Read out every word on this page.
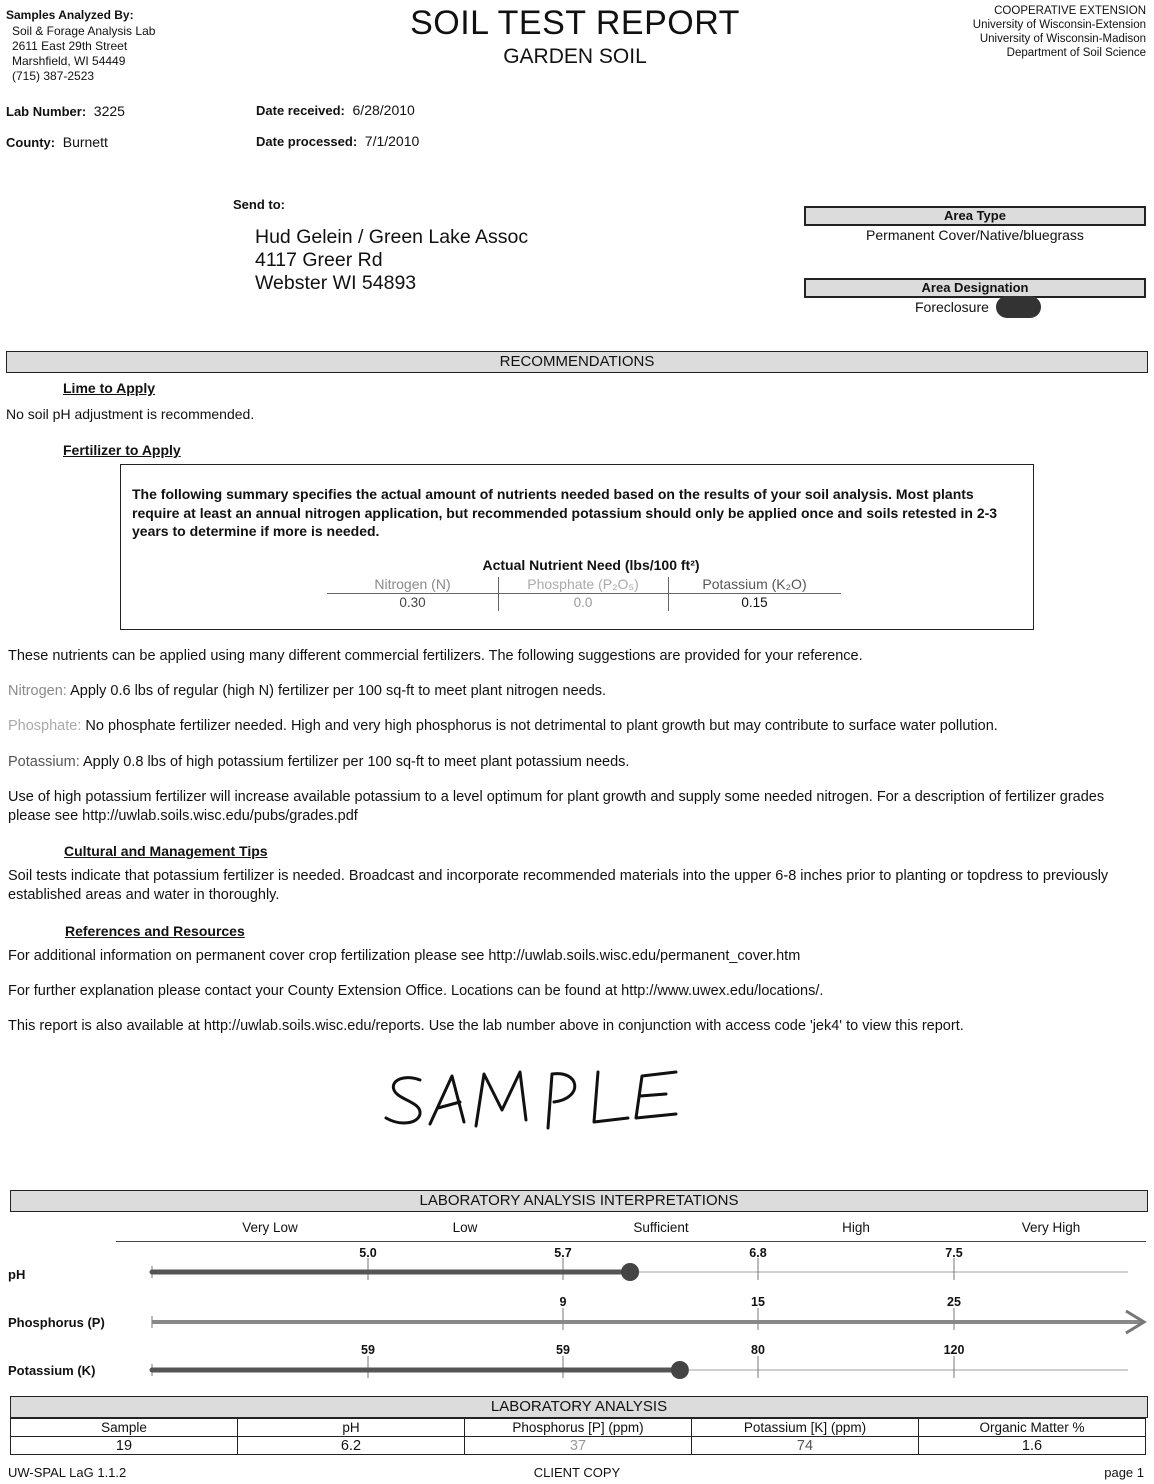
Samples Analyzed By:
Soil & Forage Analysis Lab
2611 East 29th Street
Marshfield, WI 54449
(715) 387-2523
SOIL TEST REPORT
GARDEN SOIL
COOPERATIVE EXTENSION
University of Wisconsin-Extension
University of Wisconsin-Madison
Department of Soil Science
Lab Number: 3225
County: Burnett
Date received: 6/28/2010
Date processed: 7/1/2010
Send to:
Hud Gelein / Green Lake Assoc
4117 Greer Rd
Webster WI 54893
Area Type
Permanent Cover/Native/bluegrass
Area Designation
Foreclosure
RECOMMENDATIONS
Lime to Apply
No soil pH adjustment is recommended.
Fertilizer to Apply
The following summary specifies the actual amount of nutrients needed based on the results of your soil analysis. Most plants require at least an annual nitrogen application, but recommended potassium should only be applied once and soils retested in 2-3 years to determine if more is needed.
Actual Nutrient Need (lbs/100 ft²)
Nitrogen (N)	Phosphate (P₂O₅)	Potassium (K₂O)
0.30	0.0	0.15
These nutrients can be applied using many different commercial fertilizers. The following suggestions are provided for your reference.
Nitrogen: Apply 0.6 lbs of regular (high N) fertilizer per 100 sq-ft to meet plant nitrogen needs.
Phosphate: No phosphate fertilizer needed. High and very high phosphorus is not detrimental to plant growth but may contribute to surface water pollution.
Potassium: Apply 0.8 lbs of high potassium fertilizer per 100 sq-ft to meet plant potassium needs.
Use of high potassium fertilizer will increase available potassium to a level optimum for plant growth and supply some needed nitrogen. For a description of fertilizer grades please see http://uwlab.soils.wisc.edu/pubs/grades.pdf
Cultural and Management Tips
Soil tests indicate that potassium fertilizer is needed. Broadcast and incorporate recommended materials into the upper 6-8 inches prior to planting or topdress to previously established areas and water in thoroughly.
References and Resources
For additional information on permanent cover crop fertilization please see http://uwlab.soils.wisc.edu/permanent_cover.htm
For further explanation please contact your County Extension Office. Locations can be found at http://www.uwex.edu/locations/.
This report is also available at http://uwlab.soils.wisc.edu/reports. Use the lab number above in conjunction with access code 'jek4' to view this report.
SAMPLE
LABORATORY ANALYSIS INTERPRETATIONS
Very Low	Low	Sufficient	High	Very High
pH
5.0	5.7	6.8	7.5
Phosphorus (P)
9	15	25
Potassium (K)
59	59	80	120
LABORATORY ANALYSIS
Sample	pH	Phosphorus [P] (ppm)	Potassium [K] (ppm)	Organic Matter %
19	6.2	37	74	1.6
UW-SPAL LaG 1.1.2	CLIENT COPY	page 1
